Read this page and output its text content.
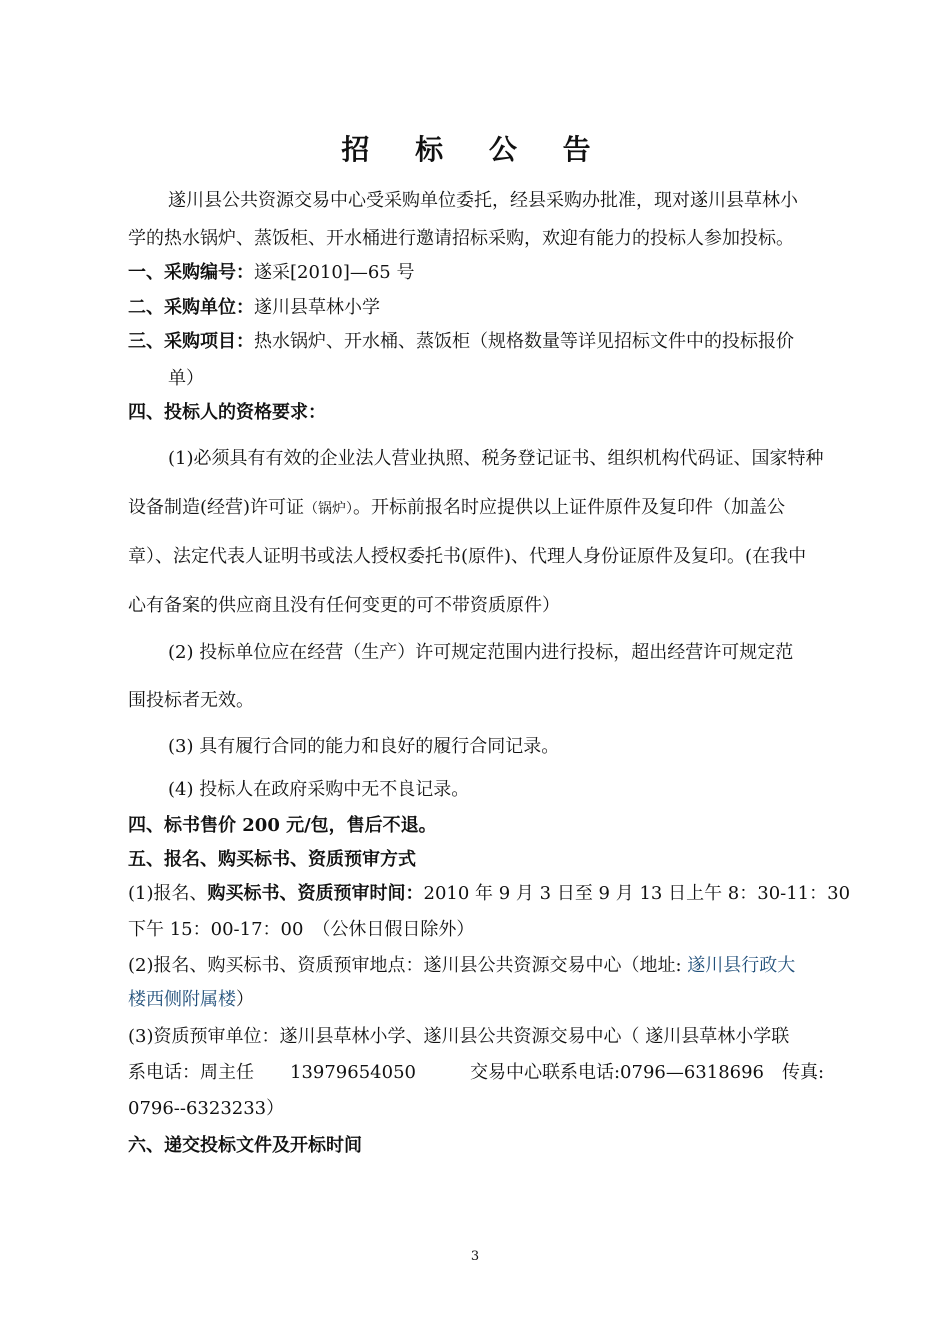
招 标 公 告
遂川县公共资源交易中心受采购单位委托，经县采购办批准，现对遂川县草林小
学的热水锅炉、蒸饭柜、开水桶进行邀请招标采购，欢迎有能力的投标人参加投标。
一、采购编号：遂采[2010]—65 号
二、采购单位：遂川县草林小学
三、采购项目：热水锅炉、开水桶、蒸饭柜（规格数量等详见招标文件中的投标报价
单）
四、投标人的资格要求：
(1)必须具有有效的企业法人营业执照、税务登记证书、组织机构代码证、国家特种
设备制造(经营)许可证（锅炉）。开标前报名时应提供以上证件原件及复印件（加盖公
章）、法定代表人证明书或法人授权委托书(原件)、代理人身份证原件及复印。(在我中
心有备案的供应商且没有任何变更的可不带资质原件）
(2) 投标单位应在经营（生产）许可规定范围内进行投标，超出经营许可规定范
围投标者无效。
(3) 具有履行合同的能力和良好的履行合同记录。
(4) 投标人在政府采购中无不良记录。
四、标书售价 200 元/包，售后不退。
五、报名、购买标书、资质预审方式
(1)报名、购买标书、资质预审时间：2010 年 9 月 3 日至 9 月 13 日上午 8：30-11：30
下午 15：00-17：00　（公休日假日除外）
(2)报名、购买标书、资质预审地点：遂川县公共资源交易中心（地址: 遂川县行政大
楼西侧附属楼）
(3)资质预审单位：遂川县草林小学、遂川县公共资源交易中心（ 遂川县草林小学联
系电话：周主任　　13979654050　　　交易中心联系电话:0796—6318696　传真:
0796--6323233）
六、递交投标文件及开标时间
3
